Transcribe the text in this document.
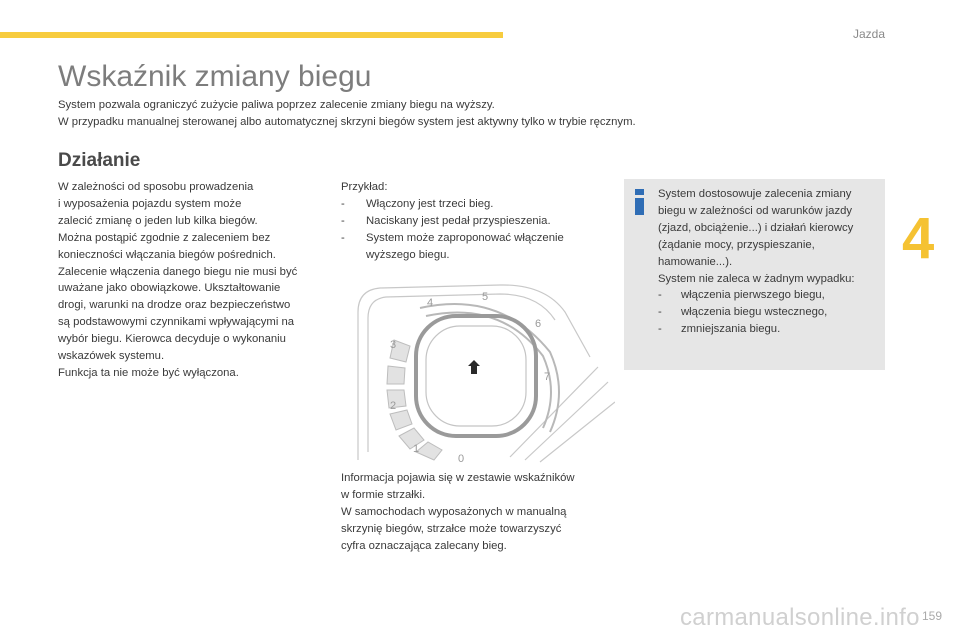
Jazda
4
Wskaźnik zmiany biegu
System pozwala ograniczyć zużycie paliwa poprzez zalecenie zmiany biegu na wyższy.
W przypadku manualnej sterowanej albo automatycznej skrzyni biegów system jest aktywny tylko w trybie ręcznym.
Działanie
W zależności od sposobu prowadzenia
i wyposażenia pojazdu system może
zalecić zmianę o jeden lub kilka biegów.
Można postąpić zgodnie z zaleceniem bez
konieczności włączania biegów pośrednich.
Zalecenie włączenia danego biegu nie musi być
uważane jako obowiązkowe. Ukształtowanie
drogi, warunki na drodze oraz bezpieczeństwo
są podstawowymi czynnikami wpływającymi na
wybór biegu. Kierowca decyduje o wykonaniu
wskazówek systemu.
Funkcja ta nie może być wyłączona.
Przykład:
- Włączony jest trzeci bieg.
- Naciskany jest pedał przyspieszenia.
- System może zaproponować włączenie wyższego biegu.
0
1
2
3
4	5
6
7
Informacja pojawia się w zestawie wskaźników
w formie strzałki.
W samochodach wyposażonych w manualną
skrzynię biegów, strzałce może towarzyszyć
cyfra oznaczająca zalecany bieg.
System dostosowuje zalecenia zmiany
biegu w zależności od warunków jazdy
(zjazd, obciążenie...) i działań kierowcy
(żądanie mocy, przyspieszanie,
hamowanie...).
System nie zaleca w żadnym wypadku:
- włączenia pierwszego biegu,
- włączenia biegu wstecznego,
- zmniejszania biegu.
carmanualsonline.info 159
